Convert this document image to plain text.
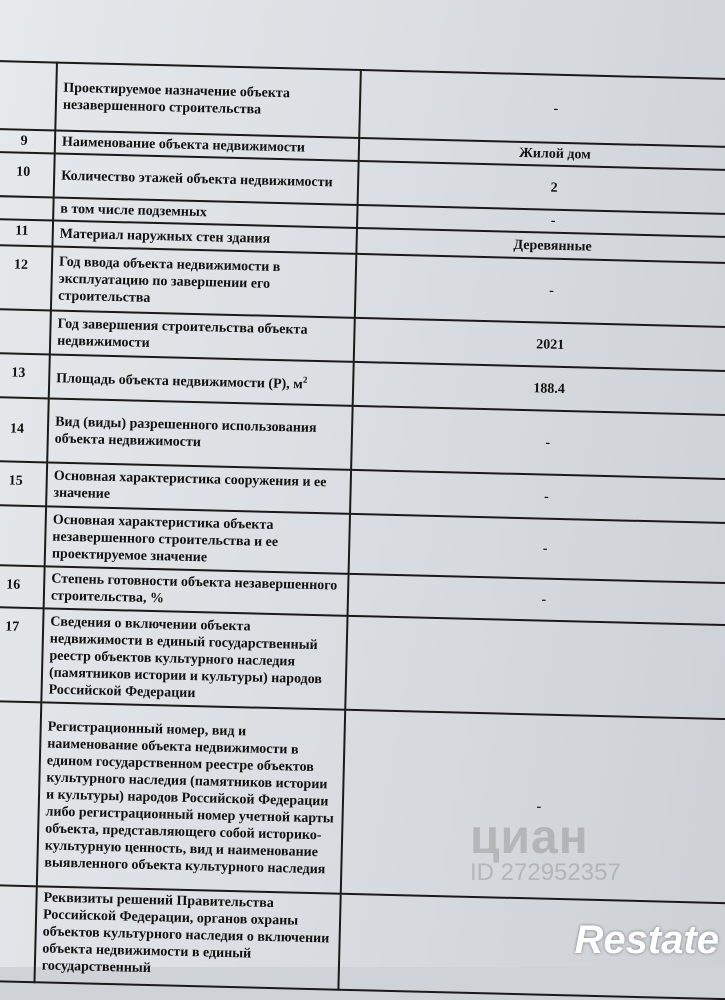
	Проектируемое назначение объекта незавершенного строительства	-
9	Наименование объекта недвижимости	Жилой дом
10	Количество этажей объекта недвижимости	2
	в том числе подземных	-
11	Материал наружных стен здания	Деревянные
12	Год ввода объекта недвижимости в эксплуатацию по завершении его строительства	-
	Год завершения строительства объекта недвижимости	2021
13	Площадь объекта недвижимости (Р), $м^2$	188.4
14	Вид (виды) разрешенного использования объекта недвижимости	-
15	Основная характеристика сооружения и ее значение	-
	Основная характеристика объекта незавершенного строительства и ее проектируемое значение	-
16	Степень готовности объекта незавершенного строительства, %	-
17	Сведения о включении объекта недвижимости в единый государственный реестр объектов культурного наследия (памятников истории и культуры) народов Российской Федерации	
	Регистрационный номер, вид и наименование объекта недвижимости в едином государственном реестре объектов культурного наследия (памятников истории и культуры) народов Российской Федерации либо регистрационный номер учетной карты объекта, представляющего собой историко-культурную ценность, вид и наименование выявленного объекта культурного наследия	-
	Реквизиты решений Правительства Российской Федерации, органов охраны объектов культурного наследия о включении объекта недвижимости в единый государственный	
циан
ID 272952357
Restate
